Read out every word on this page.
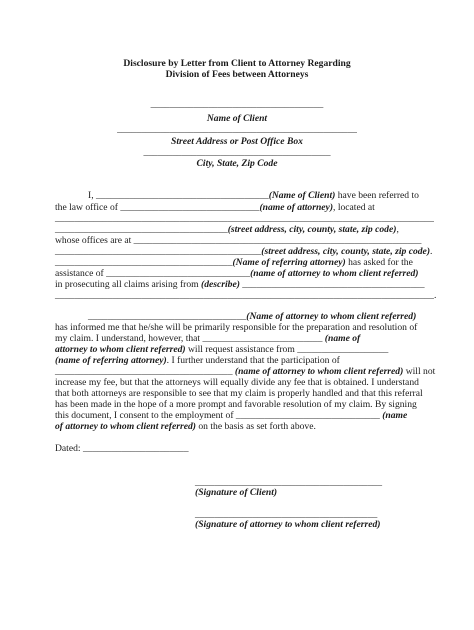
Disclosure by Letter from Client to Attorney Regarding
Division of Fees between Attorneys
____________________________________
Name of Client
__________________________________________________
Street Address or Post Office Box
_______________________________________
City, State, Zip Code
I, ____________________________________(Name of Client) have been referred to
the law office of _____________________________(name of attorney), located at
_______________________________________________________________________________
____________________________________(street address, city, county, state, zip code),
whose offices are at ____________________________________________________________
___________________________________________(street address, city, county, state, zip code).
_____________________________________(Name of referring attorney) has asked for the
assistance of ______________________________(name of attorney to whom client referred)
in prosecuting all claims arising from (describe) ______________________________________
_______________________________________________________________________________.
_________________________________(Name of attorney to whom client referred)
has informed me that he/she will be primarily responsible for the preparation and resolution of
my claim. I understand, however, that _________________________ (name of
attorney to whom client referred) will request assistance from ___________________
(name of referring attorney). I further understand that the participation of
_____________________________________ (name of attorney to whom client referred) will not
increase my fee, but that the attorneys will equally divide any fee that is obtained. I understand
that both attorneys are responsible to see that my claim is properly handled and that this referral
has been made in the hope of a more prompt and favorable resolution of my claim. By signing
this document, I consent to the employment of ______________________________ (name
of attorney to whom client referred) on the basis as set forth above.
Dated: ______________________
_______________________________________
(Signature of Client)
______________________________________
(Signature of attorney to whom client referred)
